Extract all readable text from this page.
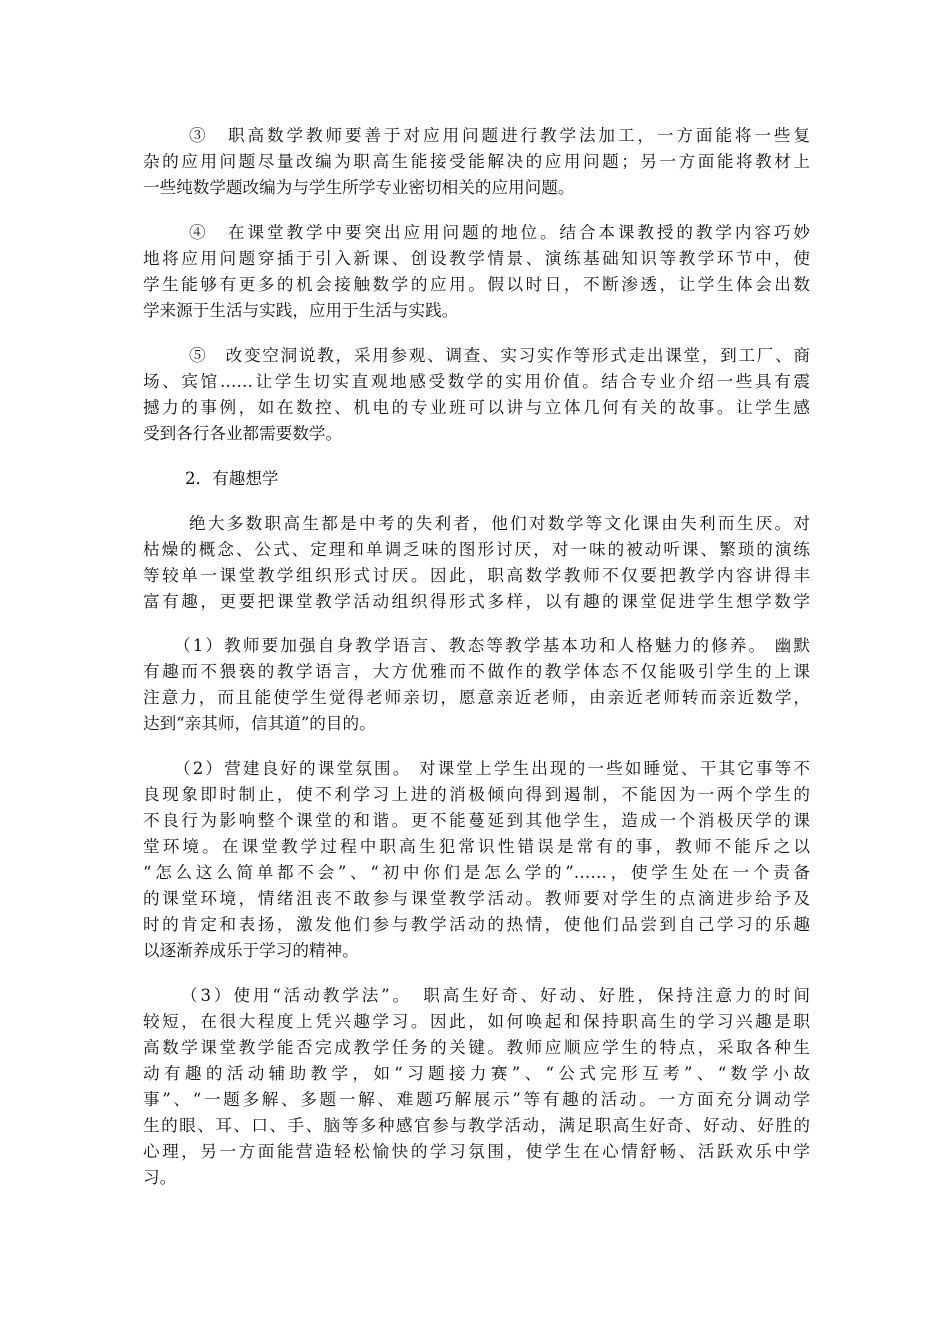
③　职高数学教师要善于对应用问题进行教学法加工，一方面能将一些复
杂的应用问题尽量改编为职高生能接受能解决的应用问题；另一方面能将教材上
一些纯数学题改编为与学生所学专业密切相关的应用问题。
④　在课堂教学中要突出应用问题的地位。结合本课教授的教学内容巧妙
地将应用问题穿插于引入新课、创设教学情景、演练基础知识等教学环节中，使
学生能够有更多的机会接触数学的应用。假以时日，不断渗透，让学生体会出数
学来源于生活与实践，应用于生活与实践。
⑤　改变空洞说教，采用参观、调查、实习实作等形式走出课堂，到工厂、商
场、宾馆……让学生切实直观地感受数学的实用价值。结合专业介绍一些具有震
撼力的事例，如在数控、机电的专业班可以讲与立体几何有关的故事。让学生感
受到各行各业都需要数学。
2．有趣想学
绝大多数职高生都是中考的失利者，他们对数学等文化课由失利而生厌。对
枯燥的概念、公式、定理和单调乏味的图形讨厌，对一味的被动听课、繁琐的演练
等较单一课堂教学组织形式讨厌。因此，职高数学教师不仅要把教学内容讲得丰
富有趣，更要把课堂教学活动组织得形式多样，以有趣的课堂促进学生想学数学
（1）教师要加强自身教学语言、教态等教学基本功和人格魅力的修养。 幽默
有趣而不猥亵的教学语言，大方优雅而不做作的教学体态不仅能吸引学生的上课
注意力，而且能使学生觉得老师亲切，愿意亲近老师，由亲近老师转而亲近数学，
达到“亲其师，信其道”的目的。
（2）营建良好的课堂氛围。 对课堂上学生出现的一些如睡觉、干其它事等不
良现象即时制止，使不利学习上进的消极倾向得到遏制，不能因为一两个学生的
不良行为影响整个课堂的和谐。更不能蔓延到其他学生，造成一个消极厌学的课
堂环境。在课堂教学过程中职高生犯常识性错误是常有的事，教师不能斥之以
“怎么这么简单都不会”、“初中你们是怎么学的”……，使学生处在一个责备
的课堂环境，情绪沮丧不敢参与课堂教学活动。教师要对学生的点滴进步给予及
时的肯定和表扬，激发他们参与教学活动的热情，使他们品尝到自己学习的乐趣
以逐渐养成乐于学习的精神。
（3）使用“活动教学法”。　职高生好奇、好动、好胜，保持注意力的时间
较短，在很大程度上凭兴趣学习。因此，如何唤起和保持职高生的学习兴趣是职
高数学课堂教学能否完成教学任务的关键。教师应顺应学生的特点，采取各种生
动有趣的活动辅助教学，如“习题接力赛”、“公式完形互考”、“数学小故
事”、“一题多解、多题一解、难题巧解展示”等有趣的活动。一方面充分调动学
生的眼、耳、口、手、脑等多种感官参与教学活动，满足职高生好奇、好动、好胜的
心理，另一方面能营造轻松愉快的学习氛围，使学生在心情舒畅、活跃欢乐中学
习。
